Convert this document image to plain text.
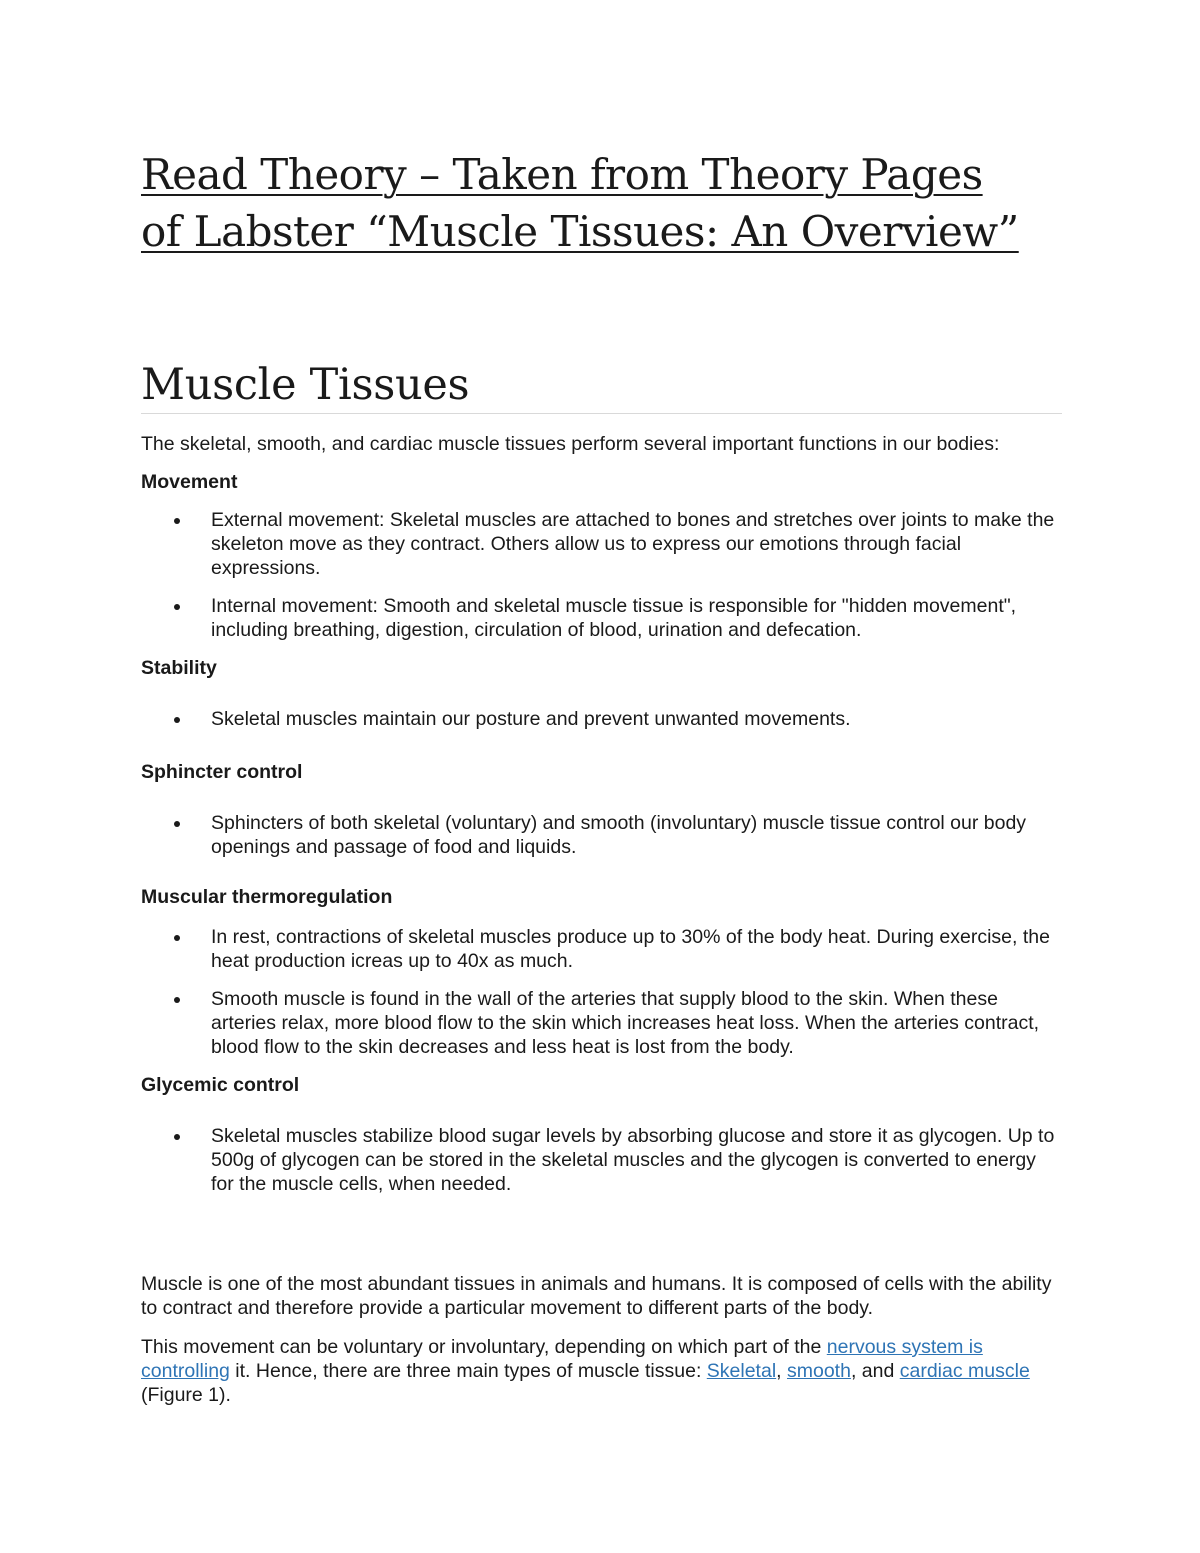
Read Theory – Taken from Theory Pages
of Labster “Muscle Tissues: An Overview”
Muscle Tissues

The skeletal, smooth, and cardiac muscle tissues perform several important functions in our bodies:

Movement
External movement: Skeletal muscles are attached to bones and stretches over joints to make the skeleton move as they contract. Others allow us to express our emotions through facial expressions.
Internal movement: Smooth and skeletal muscle tissue is responsible for "hidden movement", including breathing, digestion, circulation of blood, urination and defecation.
Stability
Skeletal muscles maintain our posture and prevent unwanted movements.
Sphincter control
Sphincters of both skeletal (voluntary) and smooth (involuntary) muscle tissue control our body openings and passage of food and liquids.
Muscular thermoregulation
In rest, contractions of skeletal muscles produce up to 30% of the body heat. During exercise, the heat production icreas up to 40x as much.
Smooth muscle is found in the wall of the arteries that supply blood to the skin. When these arteries relax, more blood flow to the skin which increases heat loss. When the arteries contract, blood flow to the skin decreases and less heat is lost from the body.
Glycemic control
Skeletal muscles stabilize blood sugar levels by absorbing glucose and store it as glycogen. Up to 500g of glycogen can be stored in the skeletal muscles and the glycogen is converted to energy for the muscle cells, when needed.

Muscle is one of the most abundant tissues in animals and humans. It is composed of cells with the ability to contract and therefore provide a particular movement to different parts of the body.

This movement can be voluntary or involuntary, depending on which part of the nervous system is controlling it. Hence, there are three main types of muscle tissue: Skeletal, smooth, and cardiac muscle (Figure 1).
